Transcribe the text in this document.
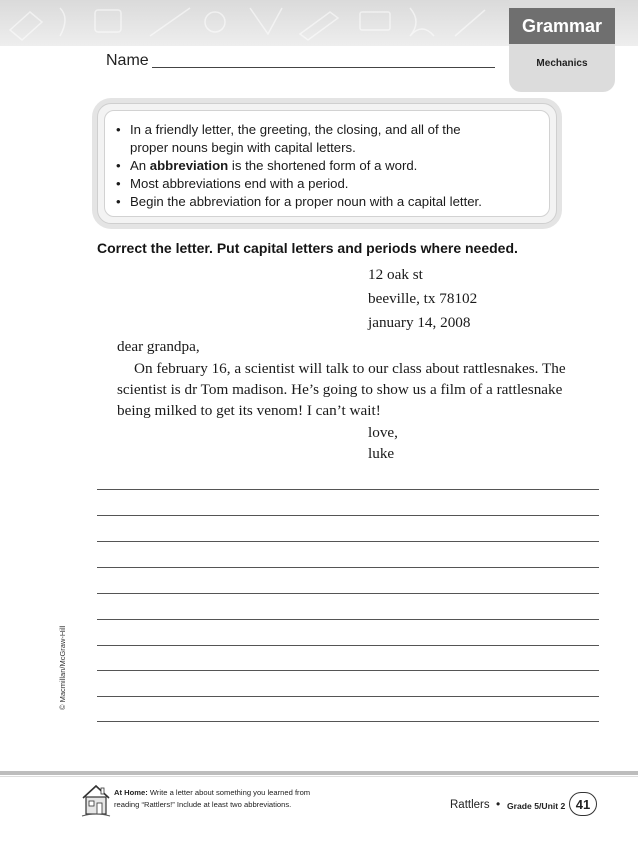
Grammar
Mechanics
Name
• In a friendly letter, the greeting, the closing, and all of the
proper nouns begin with capital letters.
• An abbreviation is the shortened form of a word.
• Most abbreviations end with a period.
• Begin the abbreviation for a proper noun with a capital letter.
Correct the letter. Put capital letters and periods where needed.
12 oak st
beeville, tx 78102
january 14, 2008
dear grandpa,
On february 16, a scientist will talk to our class about rattlesnakes. The
scientist is dr Tom madison. He’s going to show us a film of a rattlesnake
being milked to get its venom! I can’t wait!
love,
luke
© Macmillan/McGraw-Hill
At Home: Write a letter about something you learned from
reading “Rattlers!” Include at least two abbreviations.	Rattlers • Grade 5/Unit 2 41
